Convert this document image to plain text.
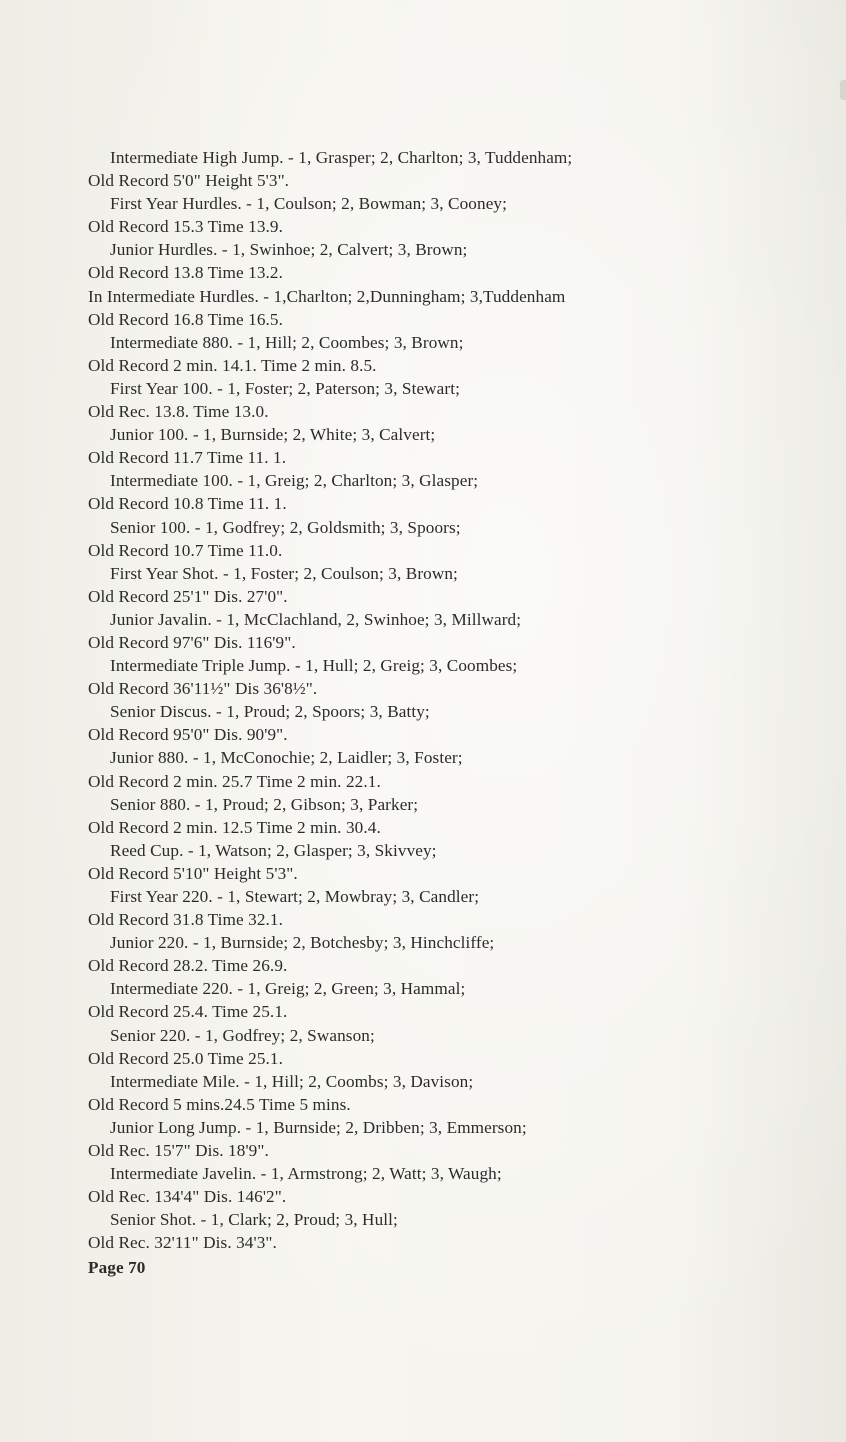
Intermediate High Jump. - 1, Grasper; 2, Charlton; 3, Tuddenham;
Old Record 5'0" Height 5'3".
First Year Hurdles. - 1, Coulson; 2, Bowman; 3, Cooney;
Old Record 15.3 Time 13.9.
Junior Hurdles. - 1, Swinhoe; 2, Calvert; 3, Brown;
Old Record 13.8 Time 13.2.
In Intermediate Hurdles. - 1,Charlton; 2,Dunningham; 3,Tuddenham
Old Record 16.8 Time 16.5.
Intermediate 880. - 1, Hill; 2, Coombes; 3, Brown;
Old Record 2 min. 14.1. Time 2 min. 8.5.
First Year 100. - 1, Foster; 2, Paterson; 3, Stewart;
Old Rec. 13.8. Time 13.0.
Junior 100. - 1, Burnside; 2, White; 3, Calvert;
Old Record 11.7 Time 11. 1.
Intermediate 100. - 1, Greig; 2, Charlton; 3, Glasper;
Old Record 10.8 Time 11. 1.
Senior 100. - 1, Godfrey; 2, Goldsmith; 3, Spoors;
Old Record 10.7 Time 11.0.
First Year Shot. - 1, Foster; 2, Coulson; 3, Brown;
Old Record 25'1" Dis. 27'0".
Junior Javalin. - 1, McClachland, 2, Swinhoe; 3, Millward;
Old Record 97'6" Dis. 116'9".
Intermediate Triple Jump. - 1, Hull; 2, Greig; 3, Coombes;
Old Record 36'11½" Dis 36'8½".
Senior Discus. - 1, Proud; 2, Spoors; 3, Batty;
Old Record 95'0" Dis. 90'9".
Junior 880. - 1, McConochie; 2, Laidler; 3, Foster;
Old Record 2 min. 25.7 Time 2 min. 22.1.
Senior 880. - 1, Proud; 2, Gibson; 3, Parker;
Old Record 2 min. 12.5 Time 2 min. 30.4.
Reed Cup. - 1, Watson; 2, Glasper; 3, Skivvey;
Old Record 5'10" Height 5'3".
First Year 220. - 1, Stewart; 2, Mowbray; 3, Candler;
Old Record 31.8 Time 32.1.
Junior 220. - 1, Burnside; 2, Botchesby; 3, Hinchcliffe;
Old Record 28.2. Time 26.9.
Intermediate 220. - 1, Greig; 2, Green; 3, Hammal;
Old Record 25.4. Time 25.1.
Senior 220. - 1, Godfrey; 2, Swanson;
Old Record 25.0 Time 25.1.
Intermediate Mile. - 1, Hill; 2, Coombs; 3, Davison;
Old Record 5 mins.24.5 Time 5 mins.
Junior Long Jump. - 1, Burnside; 2, Dribben; 3, Emmerson;
Old Rec. 15'7" Dis. 18'9".
Intermediate Javelin. - 1, Armstrong; 2, Watt; 3, Waugh;
Old Rec. 134'4" Dis. 146'2".
Senior Shot. - 1, Clark; 2, Proud; 3, Hull;
Old Rec. 32'11" Dis. 34'3".
Page 70
